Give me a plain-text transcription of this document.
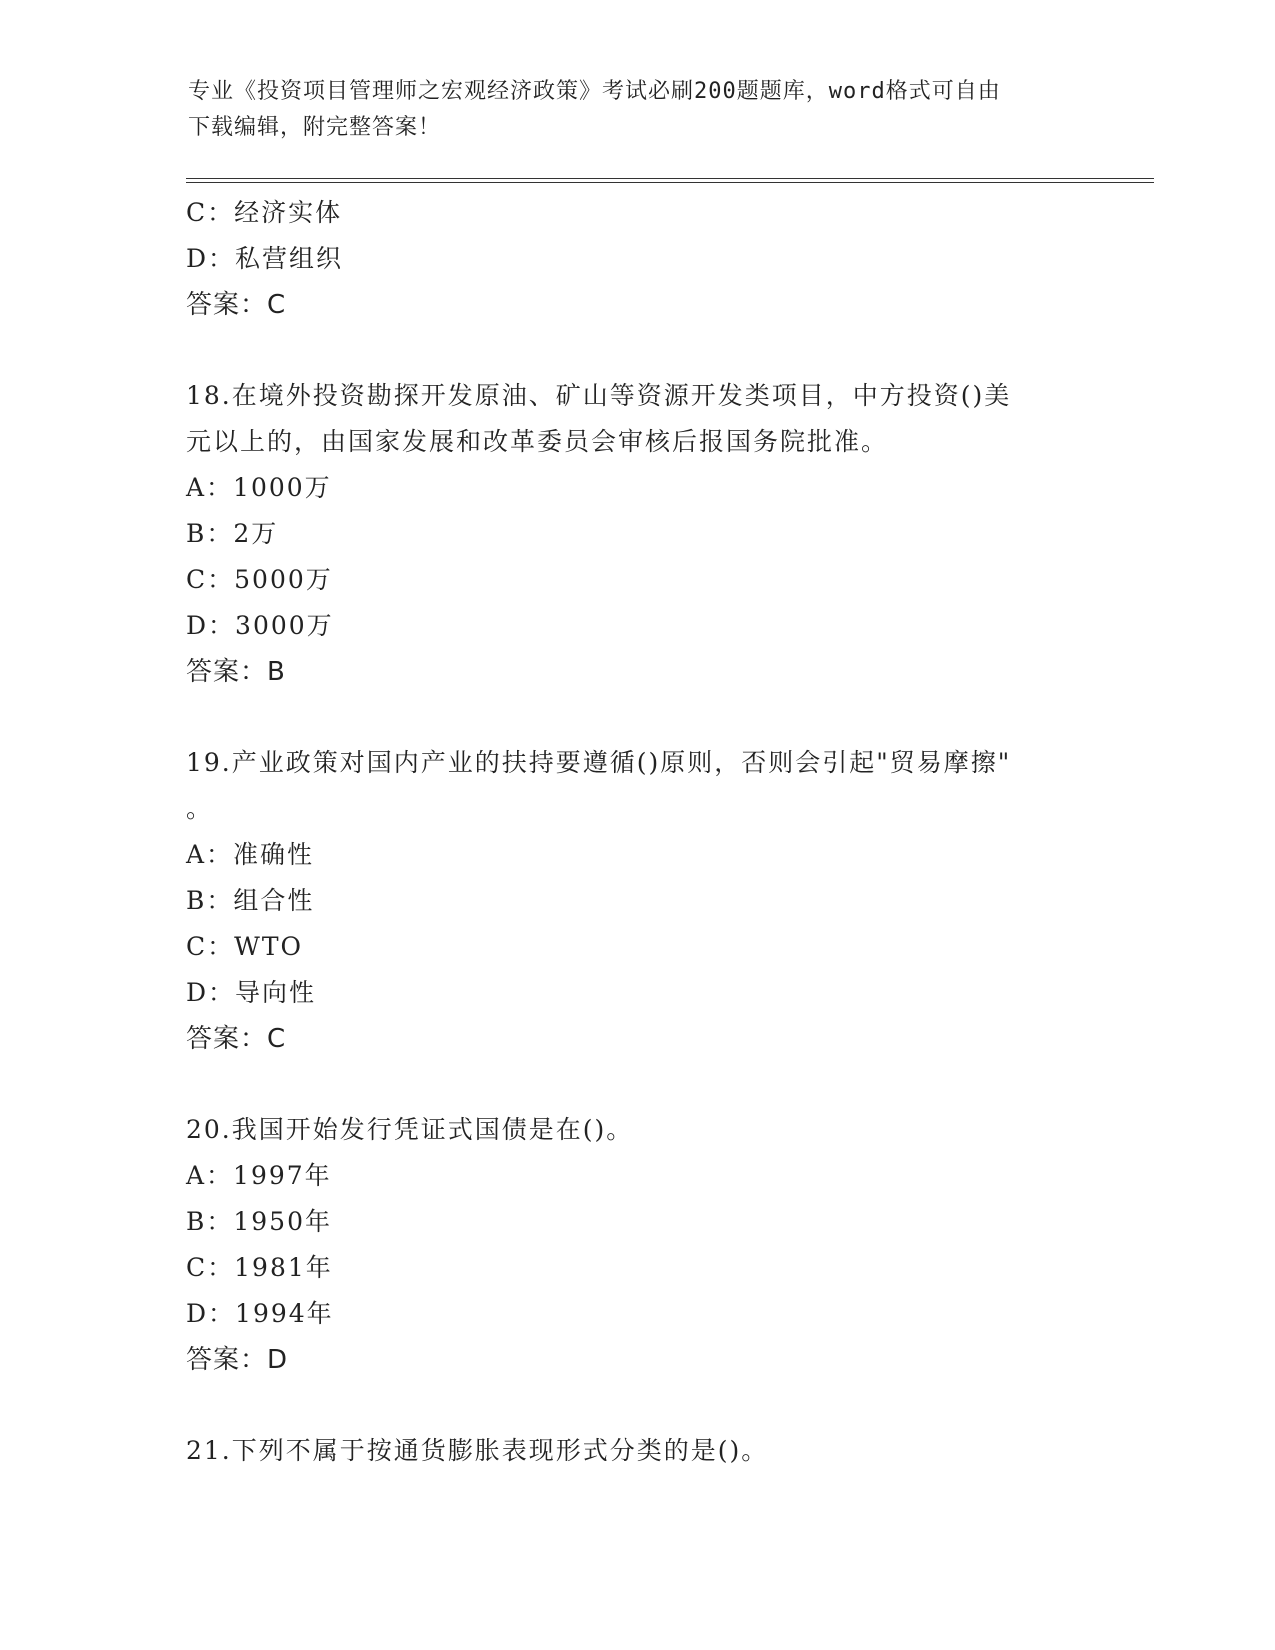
专业《投资项目管理师之宏观经济政策》考试必刷200题题库，word格式可自由
下载编辑，附完整答案！
C：经济实体
D：私营组织
答案：C
18.在境外投资勘探开发原油、矿山等资源开发类项目，中方投资()美
元以上的，由国家发展和改革委员会审核后报国务院批准。
A：1000万
B：2万
C：5000万
D：3000万
答案：B
19.产业政策对国内产业的扶持要遵循()原则，否则会引起"贸易摩擦"
。
A：准确性
B：组合性
C：WTO
D：导向性
答案：C
20.我国开始发行凭证式国债是在()。
A：1997年
B：1950年
C：1981年
D：1994年
答案：D
21.下列不属于按通货膨胀表现形式分类的是()。
